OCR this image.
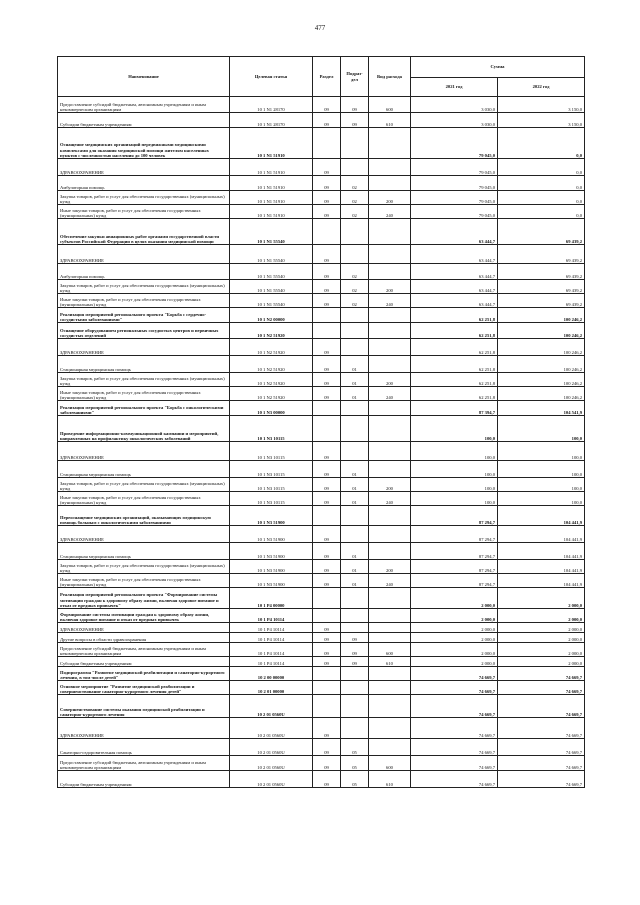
477
Наименование	Целевая статья	Раздел	Подраз-дел	Вид расхода	Сумма	
					2021 год	2022 год
Предоставление субсидий бюджетным, автономным учреждениям и иным некоммерческим организациям	10 1 N1 28170	09	09	600	3 030,0	3 150,0
Субсидии бюджетным учреждениям	10 1 N1 28170	09	09	610	3 030,0	3 150,0
Оснащение медицинских организаций передвижными медицинскими комплексами для оказания медицинской помощи жителям населенных пунктов с численностью населения до 100 человек	10 1 N1 51910				79 045,0	0,0
ЗДРАВООХРАНЕНИЕ	10 1 N1 51910	09			79 045,0	0,0
Амбулаторная помощь	10 1 N1 51910	09	02		79 045,0	0,0
Закупка товаров, работ и услуг для обеспечения государственных (муниципальных) нужд	10 1 N1 51910	09	02	200	79 045,0	0,0
Иные закупки товаров, работ и услуг для обеспечения государственных (муниципальных) нужд	10 1 N1 51910	09	02	240	79 045,0	0,0
Обеспечение закупки авиационных работ органами государственной власти субъектов Российской Федерации в целях оказания медицинской помощи	10 1 N1 55540				63 444,7	69 439,2
ЗДРАВООХРАНЕНИЕ	10 1 N1 55540	09			63 444,7	69 439,2
Амбулаторная помощь	10 1 N1 55540	09	02		63 444,7	69 439,2
Закупка товаров, работ и услуг для обеспечения государственных (муниципальных) нужд	10 1 N1 55540	09	02	200	63 444,7	69 439,2
Иные закупки товаров, работ и услуг для обеспечения государственных (муниципальных) нужд	10 1 N1 55540	09	02	240	63 444,7	69 439,2
Реализация мероприятий регионального проекта "Борьба с сердечно-сосудистыми заболеваниями"	10 1 N2 00000				62 251,8	100 246,2
Оснащение оборудованием региональных сосудистых центров и первичных сосудистых отделений	10 1 N2 51920				62 251,8	100 246,2
ЗДРАВООХРАНЕНИЕ	10 1 N2 51920	09			62 251,8	100 246,2
Стационарная медицинская помощь	10 1 N2 51920	09	01		62 251,8	100 246,2
Закупка товаров, работ и услуг для обеспечения государственных (муниципальных) нужд	10 1 N2 51920	09	01	200	62 251,8	100 246,2
Иные закупки товаров, работ и услуг для обеспечения государственных (муниципальных) нужд	10 1 N2 51920	09	01	240	62 251,8	100 246,2
Реализация мероприятий регионального проекта "Борьба с онкологическими заболеваниями"	10 1 N3 00000				87 394,7	104 541,9
Проведение информационно-коммуникационной кампании и мероприятий, направленных на профилактику онкологических заболеваний	10 1 N3 10115				100,0	100,0
ЗДРАВООХРАНЕНИЕ	10 1 N3 10115	09			100,0	100,0
Стационарная медицинская помощь	10 1 N3 10115	09	01		100,0	100,0
Закупка товаров, работ и услуг для обеспечения государственных (муниципальных) нужд	10 1 N3 10115	09	01	200	100,0	100,0
Иные закупки товаров, работ и услуг для обеспечения государственных (муниципальных) нужд	10 1 N3 10115	09	01	240	100,0	100,0
Переоснащение медицинских организаций, оказывающих медицинскую помощь больным с онкологическими заболеваниями	10 1 N3 51900				87 294,7	104 441,9
ЗДРАВООХРАНЕНИЕ	10 1 N3 51900	09			87 294,7	104 441,9
Стационарная медицинская помощь	10 1 N3 51900	09	01		87 294,7	104 441,9
Закупка товаров, работ и услуг для обеспечения государственных (муниципальных) нужд	10 1 N3 51900	09	01	200	87 294,7	104 441,9
Иные закупки товаров, работ и услуг для обеспечения государственных (муниципальных) нужд	10 1 N3 51900	09	01	240	87 294,7	104 441,9
Реализация мероприятий регионального проекта "Формирование системы мотивации граждан к здоровому образу жизни, включая здоровое питание и отказ от вредных привычек"	10 1 P4 00000				2 000,0	2 000,0
Формирование системы мотивации граждан к здоровому образу жизни, включая здоровое питание и отказ от вредных привычек	10 1 P4 10114				2 000,0	2 000,0
ЗДРАВООХРАНЕНИЕ	10 1 P4 10114	09			2 000,0	2 000,0
Другие вопросы в области здравоохранения	10 1 P4 10114	09	09		2 000,0	2 000,0
Предоставление субсидий бюджетным, автономным учреждениям и иным некоммерческим организациям	10 1 P4 10114	09	09	600	2 000,0	2 000,0
Субсидии бюджетным учреждениям	10 1 P4 10114	09	09	610	2 000,0	2 000,0
Подпрограмма "Развитие медицинской реабилитации и санаторно-курортного лечения, в том числе детей"	10 2 00 00000				74 669,7	74 669,7
Основное мероприятие "Развитие медицинской реабилитации и совершенствование санаторно-курортного лечения детей"	10 2 01 00000				74 669,7	74 669,7
Совершенствование системы оказания медицинской реабилитации и санаторно-курортного лечения	10 2 01 0560U				74 669,7	74 669,7
ЗДРАВООХРАНЕНИЕ	10 2 01 0560U	09			74 669,7	74 669,7
Санаторно-оздоровительная помощь	10 2 01 0560U	09	05		74 669,7	74 669,7
Предоставление субсидий бюджетным, автономным учреждениям и иным некоммерческим организациям	10 2 01 0560U	09	05	600	74 669,7	74 669,7
Субсидии бюджетным учреждениям	10 2 01 0560U	09	05	610	74 669,7	74 669,7
